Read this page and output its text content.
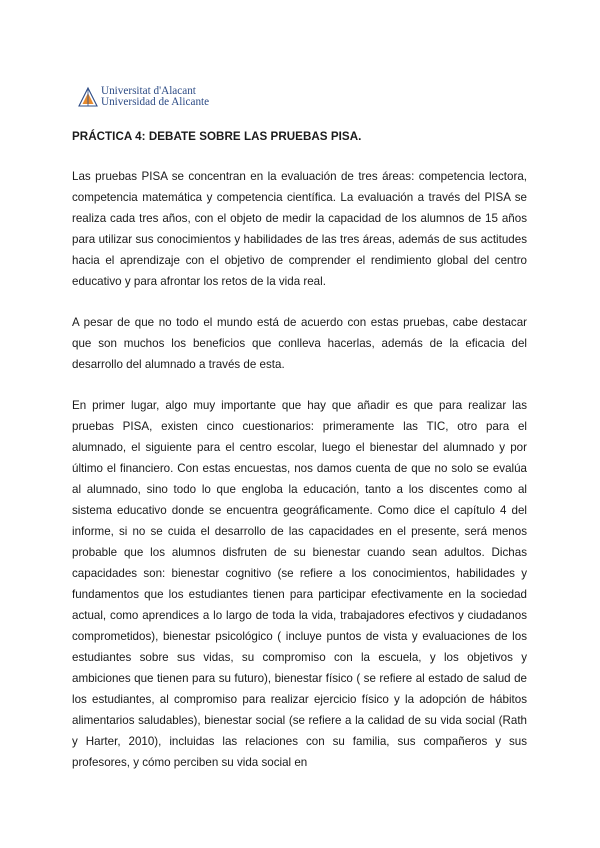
Universitat d'Alacant
Universidad de Alicante
PRÁCTICA 4: DEBATE SOBRE LAS PRUEBAS PISA.

Las pruebas PISA se concentran en la evaluación de tres áreas: competencia lectora, competencia matemática y competencia científica. La evaluación a través del PISA se realiza cada tres años, con el objeto de medir la capacidad de los alumnos de 15 años para utilizar sus conocimientos y habilidades de las tres áreas, además de sus actitudes hacia el aprendizaje con el objetivo de comprender el rendimiento global del centro educativo y para afrontar los retos de la vida real.

A pesar de que no todo el mundo está de acuerdo con estas pruebas, cabe destacar que son muchos los beneficios que conlleva hacerlas, además de la eficacia del desarrollo del alumnado a través de esta.

En primer lugar, algo muy importante que hay que añadir es que para realizar las pruebas PISA, existen cinco cuestionarios: primeramente las TIC, otro para el alumnado, el siguiente para el centro escolar, luego el bienestar del alumnado y por último el financiero. Con estas encuestas, nos damos cuenta de que no solo se evalúa al alumnado, sino todo lo que engloba la educación, tanto a los discentes como al sistema educativo donde se encuentra geográficamente. Como dice el capítulo 4 del informe, si no se cuida el desarrollo de las capacidades en el presente, será menos probable que los alumnos disfruten de su bienestar cuando sean adultos. Dichas capacidades son: bienestar cognitivo (se refiere a los conocimientos, habilidades y fundamentos que los estudiantes tienen para participar efectivamente en la sociedad actual, como aprendices a lo largo de toda la vida, trabajadores efectivos y ciudadanos comprometidos), bienestar psicológico ( incluye puntos de vista y evaluaciones de los estudiantes sobre sus vidas, su compromiso con la escuela, y los objetivos y ambiciones que tienen para su futuro), bienestar físico ( se refiere al estado de salud de los estudiantes, al compromiso para realizar ejercicio físico y la adopción de hábitos alimentarios saludables), bienestar social (se refiere a la calidad de su vida social (Rath y Harter, 2010), incluidas las relaciones con su familia, sus compañeros y sus profesores, y cómo perciben su vida social en
